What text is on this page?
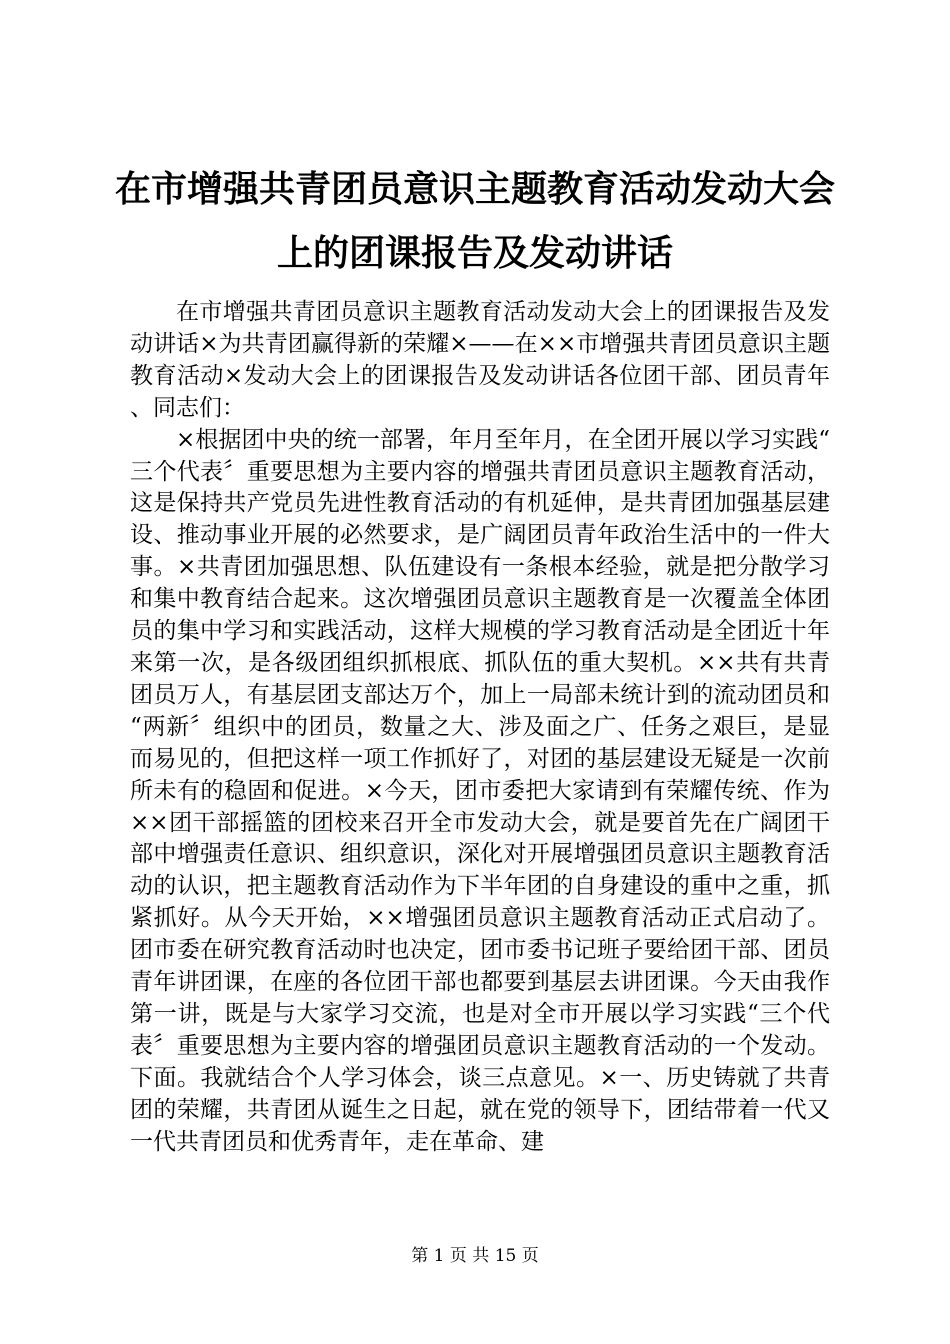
在市增强共青团员意识主题教育活动发动大会
上的团课报告及发动讲话

在市增强共青团员意识主题教育活动发动大会上的团课报告及发动讲话×为共青团赢得新的荣耀×——在××市增强共青团员意识主题教育活动×发动大会上的团课报告及发动讲话各位团干部、团员青年、同志们：

×根据团中央的统一部署，年月至年月，在全团开展以学习实践“三个代表〞重要思想为主要内容的增强共青团员意识主题教育活动，这是保持共产党员先进性教育活动的有机延伸，是共青团加强基层建设、推动事业开展的必然要求，是广阔团员青年政治生活中的一件大事。×共青团加强思想、队伍建设有一条根本经验，就是把分散学习和集中教育结合起来。这次增强团员意识主题教育是一次覆盖全体团员的集中学习和实践活动，这样大规模的学习教育活动是全团近十年来第一次，是各级团组织抓根底、抓队伍的重大契机。××共有共青团员万人，有基层团支部达万个，加上一局部未统计到的流动团员和“两新〞组织中的团员，数量之大、涉及面之广、任务之艰巨，是显而易见的，但把这样一项工作抓好了，对团的基层建设无疑是一次前所未有的稳固和促进。×今天，团市委把大家请到有荣耀传统、作为××团干部摇篮的团校来召开全市发动大会，就是要首先在广阔团干部中增强责任意识、组织意识，深化对开展增强团员意识主题教育活动的认识，把主题教育活动作为下半年团的自身建设的重中之重，抓紧抓好。从今天开始，××增强团员意识主题教育活动正式启动了。团市委在研究教育活动时也决定，团市委书记班子要给团干部、团员青年讲团课，在座的各位团干部也都要到基层去讲团课。今天由我作第一讲，既是与大家学习交流，也是对全市开展以学习实践“三个代表〞重要思想为主要内容的增强团员意识主题教育活动的一个发动。下面。我就结合个人学习体会，谈三点意见。×一、历史铸就了共青团的荣耀，共青团从诞生之日起，就在党的领导下，团结带着一代又一代共青团员和优秀青年，走在革命、建

第 1 页 共 15 页
